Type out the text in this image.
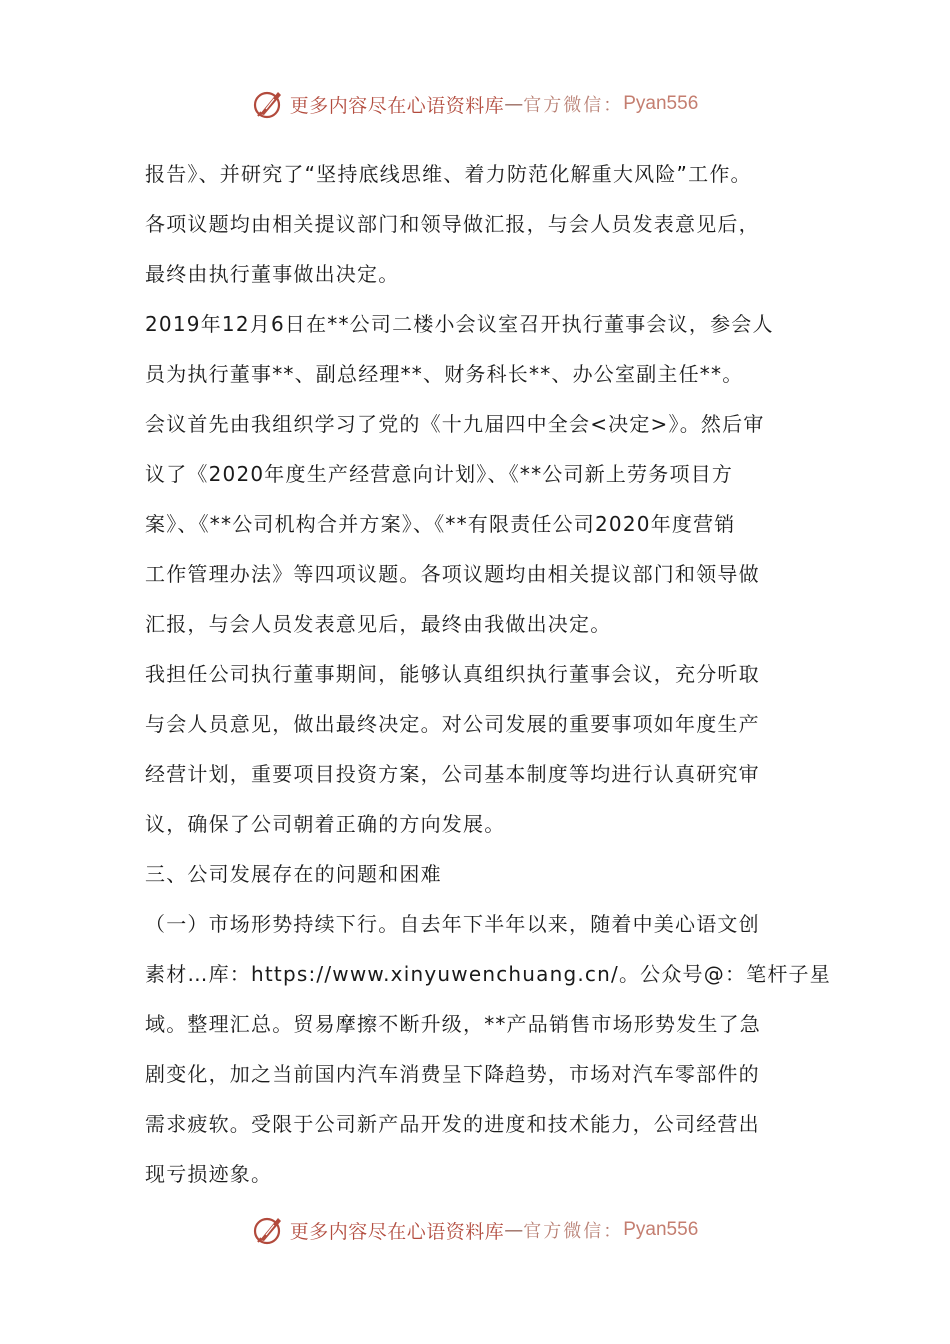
更多内容尽在心语资料库 — 官方微信： Pyan556
报告》、并研究了“坚持底线思维、着力防范化解重大风险”工作。
各项议题均由相关提议部门和领导做汇报，与会人员发表意见后，
最终由执行董事做出决定。
2019年12月6日在**公司二楼小会议室召开执行董事会议，参会人
员为执行董事**、副总经理**、财务科长**、办公室副主任**。
会议首先由我组织学习了党的《十九届四中全会<决定>》。然后审
议了《2020年度生产经营意向计划》、《**公司新上劳务项目方
案》、《**公司机构合并方案》、《**有限责任公司2020年度营销
工作管理办法》等四项议题。各项议题均由相关提议部门和领导做
汇报，与会人员发表意见后，最终由我做出决定。
我担任公司执行董事期间，能够认真组织执行董事会议，充分听取
与会人员意见，做出最终决定。对公司发展的重要事项如年度生产
经营计划，重要项目投资方案，公司基本制度等均进行认真研究审
议，确保了公司朝着正确的方向发展。
三、公司发展存在的问题和困难
（一）市场形势持续下行。自去年下半年以来，随着中美心语文创
素材…库：https://www.xinyuwenchuang.cn/。公众号@：笔杆子星
域。整理汇总。贸易摩擦不断升级，**产品销售市场形势发生了急
剧变化，加之当前国内汽车消费呈下降趋势，市场对汽车零部件的
需求疲软。受限于公司新产品开发的进度和技术能力，公司经营出
现亏损迹象。
更多内容尽在心语资料库 — 官方微信： Pyan556
